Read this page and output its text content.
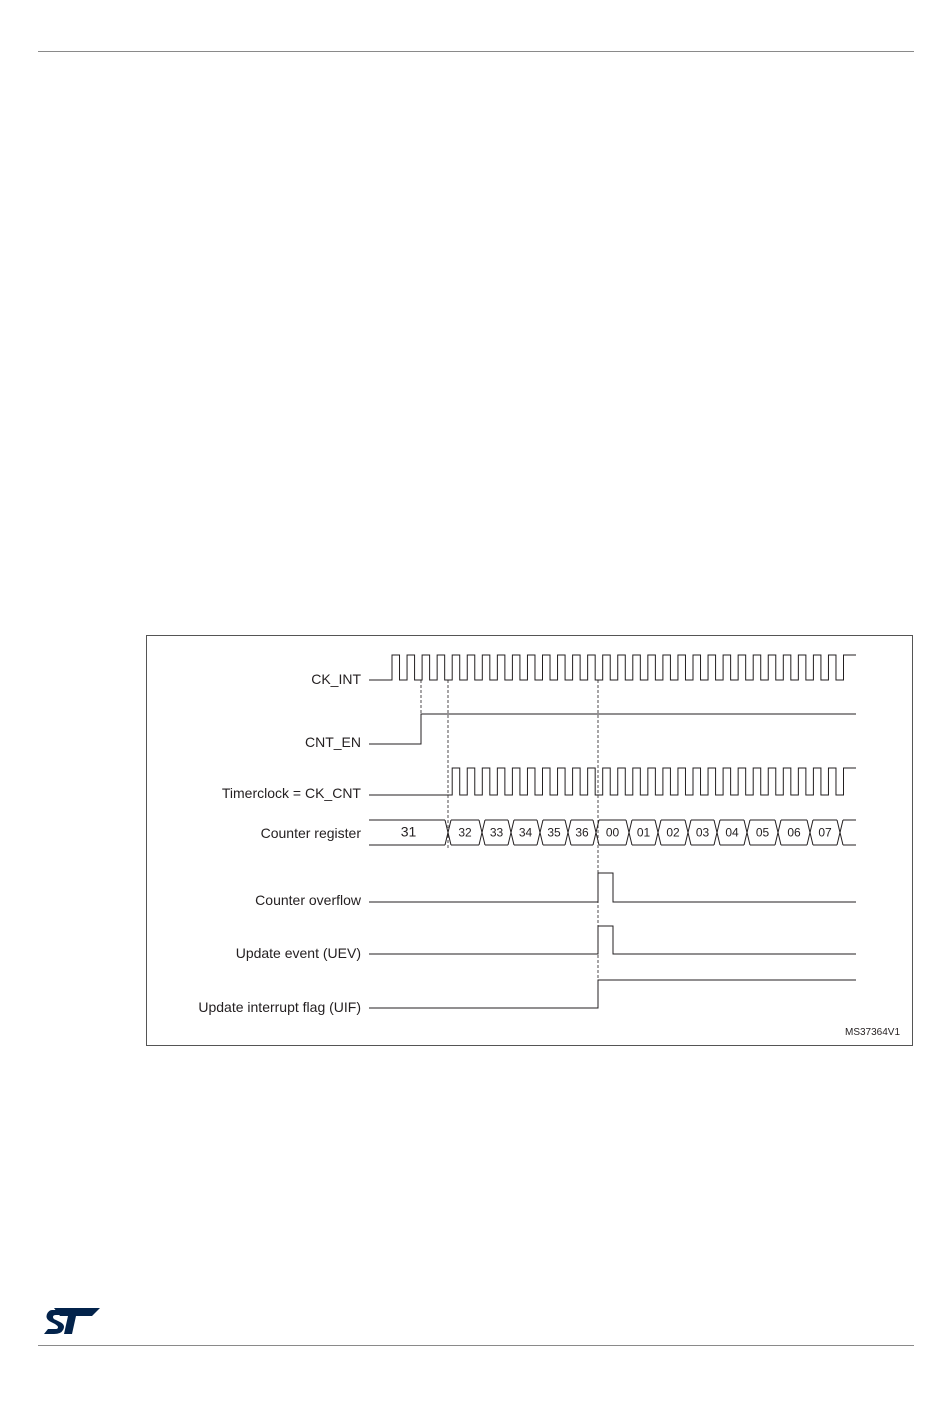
CK_INT
CNT_EN
Timerclock = CK_CNT
Counter register
Counter overflow
Update event (UEV)
Update interrupt flag (UIF)
31	32 33 34 35 36 00 01 02 03 04 05 06 07
MS37364V1
